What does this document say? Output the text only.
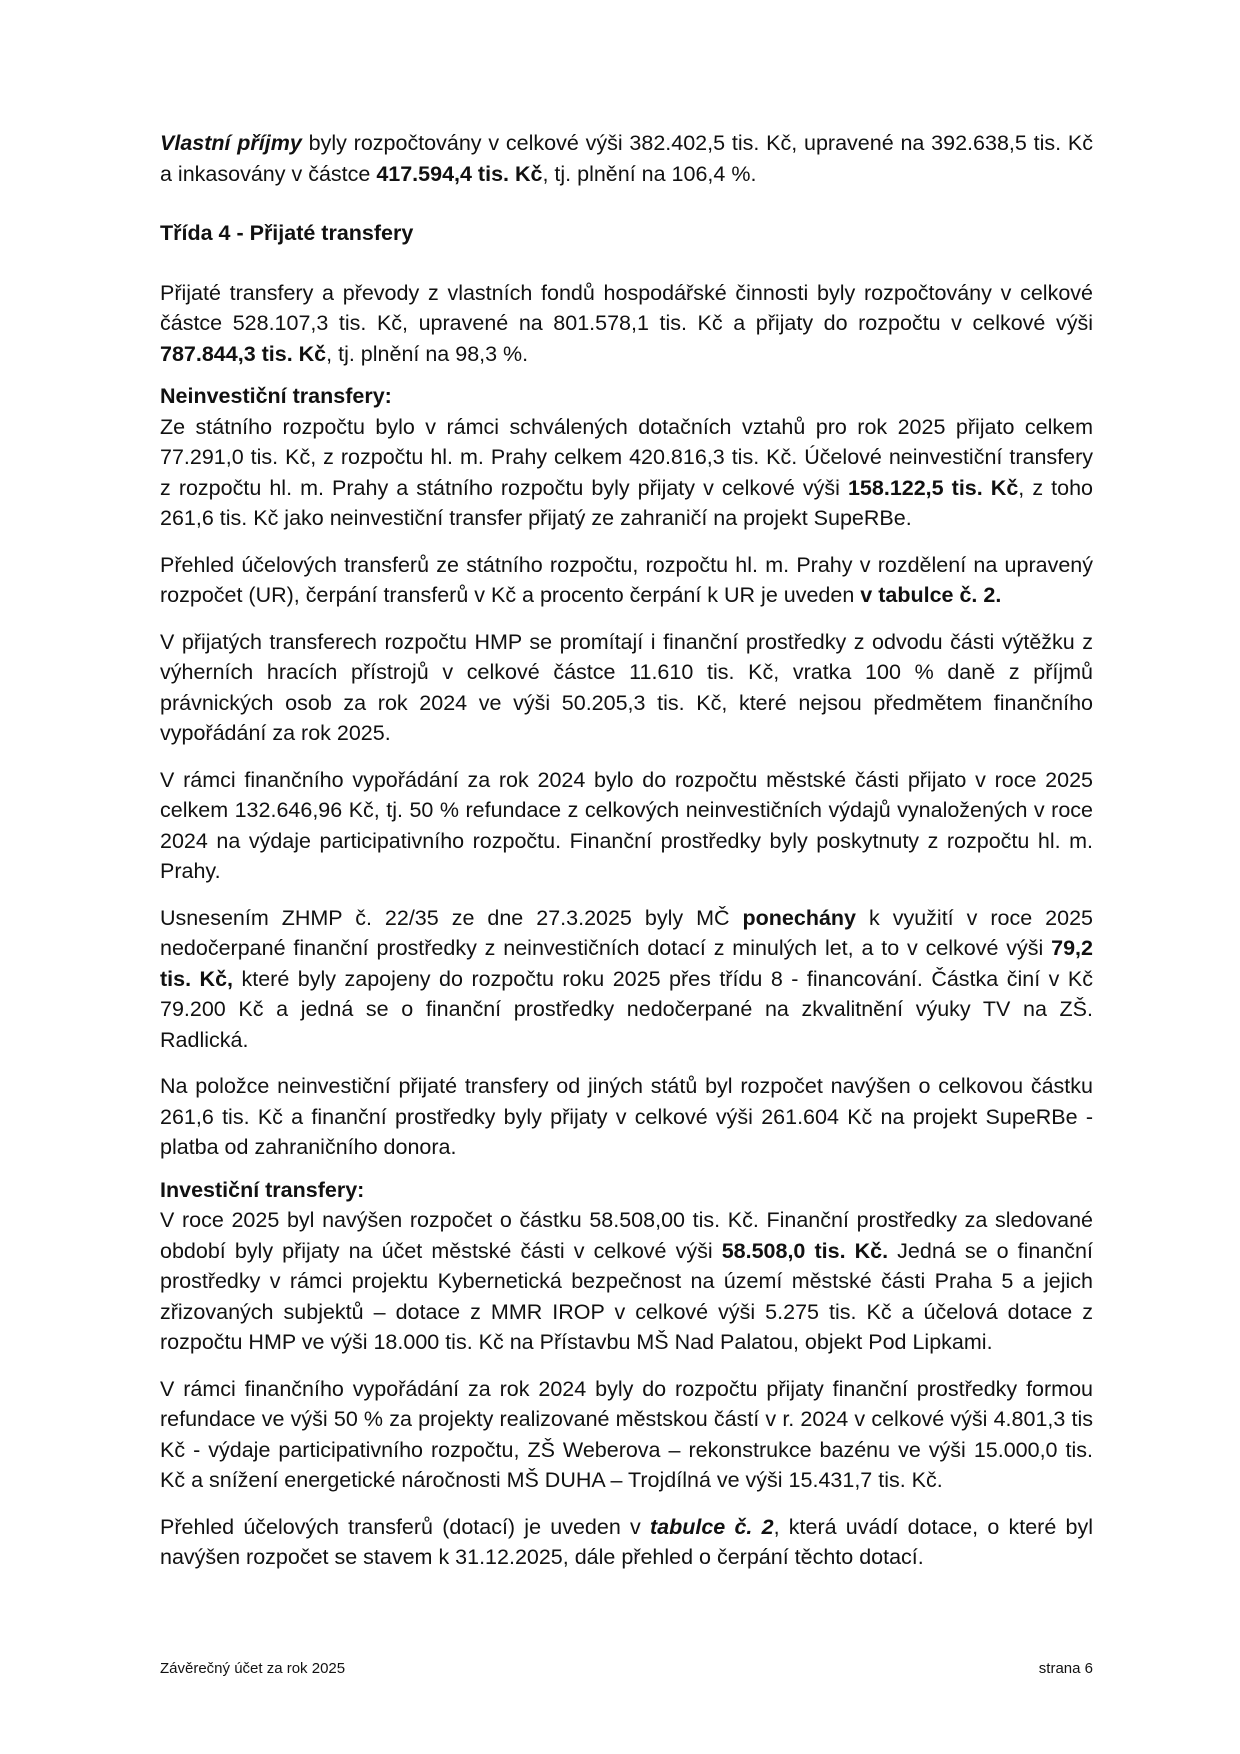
Vlastní příjmy byly rozpočtovány v celkové výši 382.402,5 tis. Kč, upravené na 392.638,5 tis. Kč a inkasovány v částce 417.594,4 tis. Kč, tj. plnění na 106,4 %.

Třída 4 - Přijaté transfery

Přijaté transfery a převody z vlastních fondů hospodářské činnosti byly rozpočtovány v celkové částce 528.107,3 tis. Kč, upravené na 801.578,1 tis. Kč a přijaty do rozpočtu v celkové výši 787.844,3 tis. Kč, tj. plnění na 98,3 %.

Neinvestiční transfery:

Ze státního rozpočtu bylo v rámci schválených dotačních vztahů pro rok 2025 přijato celkem 77.291,0 tis. Kč, z rozpočtu hl. m. Prahy celkem 420.816,3 tis. Kč. Účelové neinvestiční transfery z rozpočtu hl. m. Prahy a státního rozpočtu byly přijaty v celkové výši 158.122,5 tis. Kč, z toho 261,6 tis. Kč jako neinvestiční transfer přijatý ze zahraničí na projekt SupeRBe.

Přehled účelových transferů ze státního rozpočtu, rozpočtu hl. m. Prahy v rozdělení na upravený rozpočet (UR), čerpání transferů v Kč a procento čerpání k UR je uveden v tabulce č. 2.

V přijatých transferech rozpočtu HMP se promítají i finanční prostředky z odvodu části výtěžku z výherních hracích přístrojů v celkové částce 11.610 tis. Kč, vratka 100 % daně z příjmů právnických osob za rok 2024 ve výši 50.205,3 tis. Kč, které nejsou předmětem finančního vypořádání za rok 2025.

V rámci finančního vypořádání za rok 2024 bylo do rozpočtu městské části přijato v roce 2025 celkem 132.646,96 Kč, tj. 50 % refundace z celkových neinvestičních výdajů vynaložených v roce 2024 na výdaje participativního rozpočtu. Finanční prostředky byly poskytnuty z rozpočtu hl. m. Prahy.

Usnesením ZHMP č. 22/35 ze dne 27.3.2025 byly MČ ponechány k využití v roce 2025 nedočerpané finanční prostředky z neinvestičních dotací z minulých let, a to v celkové výši 79,2 tis. Kč, které byly zapojeny do rozpočtu roku 2025 přes třídu 8 - financování. Částka činí v Kč 79.200 Kč a jedná se o finanční prostředky nedočerpané na zkvalitnění výuky TV na ZŠ. Radlická.

Na položce neinvestiční přijaté transfery od jiných států byl rozpočet navýšen o celkovou částku 261,6 tis. Kč a finanční prostředky byly přijaty v celkové výši 261.604 Kč na projekt SupeRBe - platba od zahraničního donora.

Investiční transfery:

V roce 2025 byl navýšen rozpočet o částku 58.508,00 tis. Kč. Finanční prostředky za sledované období byly přijaty na účet městské části v celkové výši 58.508,0 tis. Kč. Jedná se o finanční prostředky v rámci projektu Kybernetická bezpečnost na území městské části Praha 5 a jejich zřizovaných subjektů – dotace z MMR IROP v celkové výši 5.275 tis. Kč a účelová dotace z rozpočtu HMP ve výši 18.000 tis. Kč na Přístavbu MŠ Nad Palatou, objekt Pod Lipkami.

V rámci finančního vypořádání za rok 2024 byly do rozpočtu přijaty finanční prostředky formou refundace ve výši 50 % za projekty realizované městskou částí v r. 2024 v celkové výši 4.801,3 tis Kč - výdaje participativního rozpočtu, ZŠ Weberova – rekonstrukce bazénu ve výši 15.000,0 tis. Kč a snížení energetické náročnosti MŠ DUHA – Trojdílná ve výši 15.431,7 tis. Kč.

Přehled účelových transferů (dotací) je uveden v tabulce č. 2, která uvádí dotace, o které byl navýšen rozpočet se stavem k 31.12.2025, dále přehled o čerpání těchto dotací.

Závěrečný účet za rok 2025	strana 6
